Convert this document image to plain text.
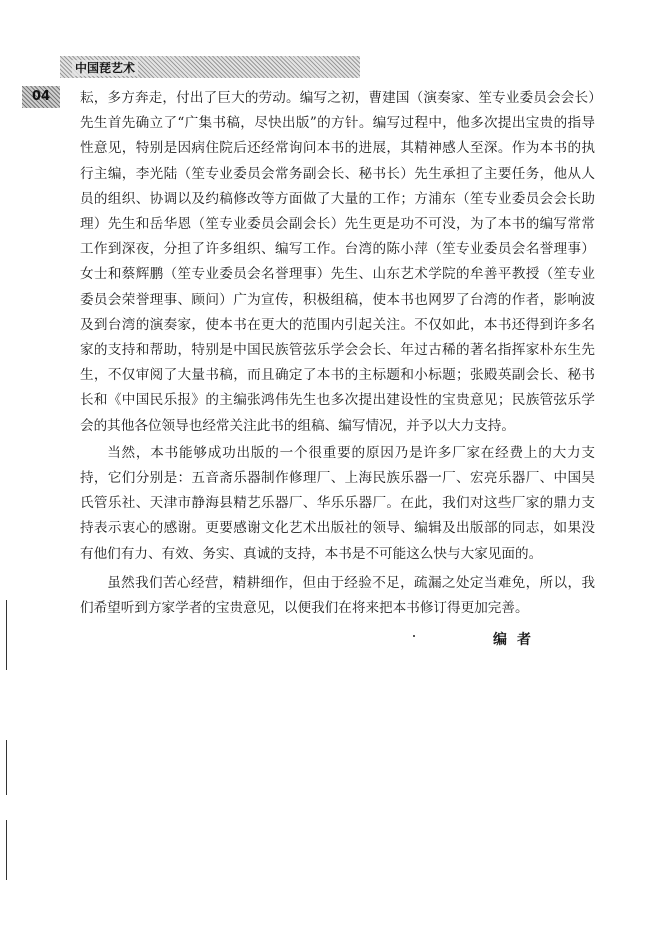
中国琵艺术
04	耘，多方奔走，付出了巨大的劳动。编写之初，曹建国（演奏家、笙专业委员会会长）先生首先确立了“广集书稿，尽快出版”的方针。编写过程中，他多次提出宝贵的指导性意见，特别是因病住院后还经常询问本书的进展，其精神感人至深。作为本书的执行主编，李光陆（笙专业委员会常务副会长、秘书长）先生承担了主要任务，他从人员的组织、协调以及约稿修改等方面做了大量的工作；方浦东（笙专业委员会会长助理）先生和岳华恩（笙专业委员会副会长）先生更是功不可没，为了本书的编写常常工作到深夜，分担了许多组织、编写工作。台湾的陈小萍（笙专业委员会名誉理事）女士和蔡辉鹏（笙专业委员会名誉理事）先生、山东艺术学院的牟善平教授（笙专业委员会荣誉理事、顾问）广为宣传，积极组稿，使本书也网罗了台湾的作者，影响波及到台湾的演奏家，使本书在更大的范围内引起关注。不仅如此，本书还得到许多名家的支持和帮助，特别是中国民族管弦乐学会会长、年过古稀的著名指挥家朴东生先生，不仅审阅了大量书稿，而且确定了本书的主标题和小标题；张殿英副会长、秘书长和《中国民乐报》的主编张鸿伟先生也多次提出建设性的宝贵意见；民族管弦乐学会的其他各位领导也经常关注此书的组稿、编写情况，并予以大力支持。

当然，本书能够成功出版的一个很重要的原因乃是许多厂家在经费上的大力支持，它们分别是：五音斋乐器制作修理厂、上海民族乐器一厂、宏亮乐器厂、中国吴氏管乐社、天津市静海县精艺乐器厂、华乐乐器厂。在此，我们对这些厂家的鼎力支持表示衷心的感谢。更要感谢文化艺术出版社的领导、编辑及出版部的同志，如果没有他们有力、有效、务实、真诚的支持，本书是不可能这么快与大家见面的。

虽然我们苦心经营，精耕细作，但由于经验不足，疏漏之处定当难免，所以，我们希望听到方家学者的宝贵意见，以便我们在将来把本书修订得更加完善。

编者
